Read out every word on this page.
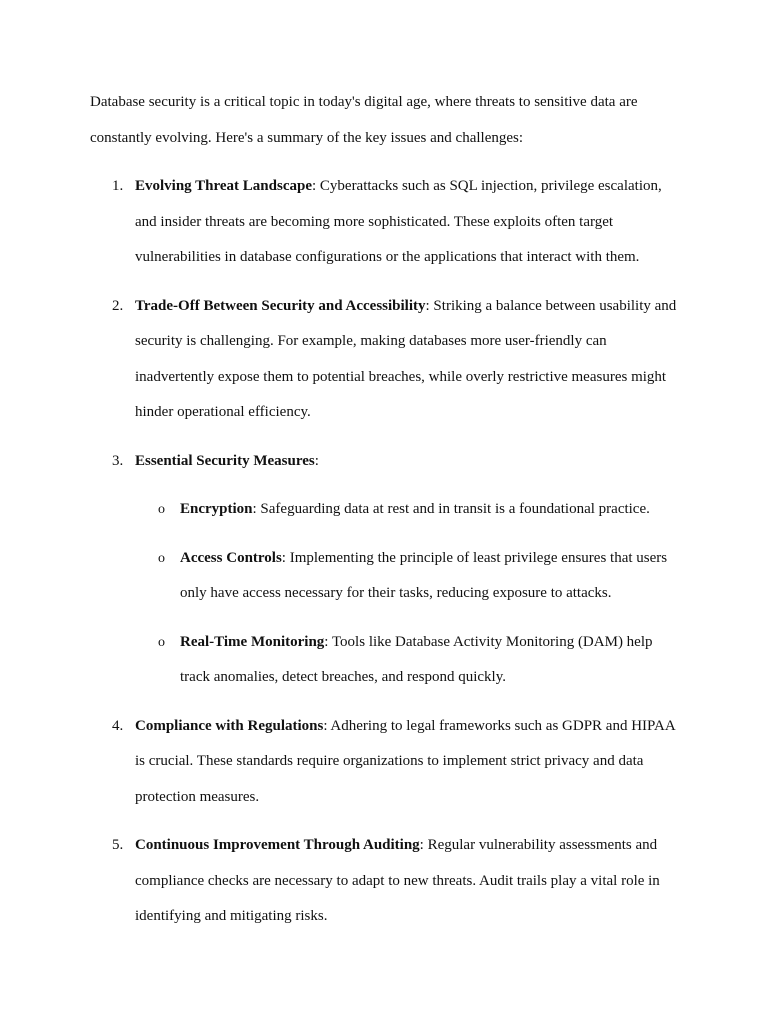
Database security is a critical topic in today's digital age, where threats to sensitive data are constantly evolving. Here's a summary of the key issues and challenges:

1. Evolving Threat Landscape: Cyberattacks such as SQL injection, privilege escalation, and insider threats are becoming more sophisticated. These exploits often target vulnerabilities in database configurations or the applications that interact with them.
2. Trade-Off Between Security and Accessibility: Striking a balance between usability and security is challenging. For example, making databases more user-friendly can inadvertently expose them to potential breaches, while overly restrictive measures might hinder operational efficiency.
3. Essential Security Measures:
o Encryption: Safeguarding data at rest and in transit is a foundational practice.
o Access Controls: Implementing the principle of least privilege ensures that users only have access necessary for their tasks, reducing exposure to attacks.
o Real-Time Monitoring: Tools like Database Activity Monitoring (DAM) help track anomalies, detect breaches, and respond quickly.
4. Compliance with Regulations: Adhering to legal frameworks such as GDPR and HIPAA is crucial. These standards require organizations to implement strict privacy and data protection measures.
5. Continuous Improvement Through Auditing: Regular vulnerability assessments and compliance checks are necessary to adapt to new threats. Audit trails play a vital role in identifying and mitigating risks.
